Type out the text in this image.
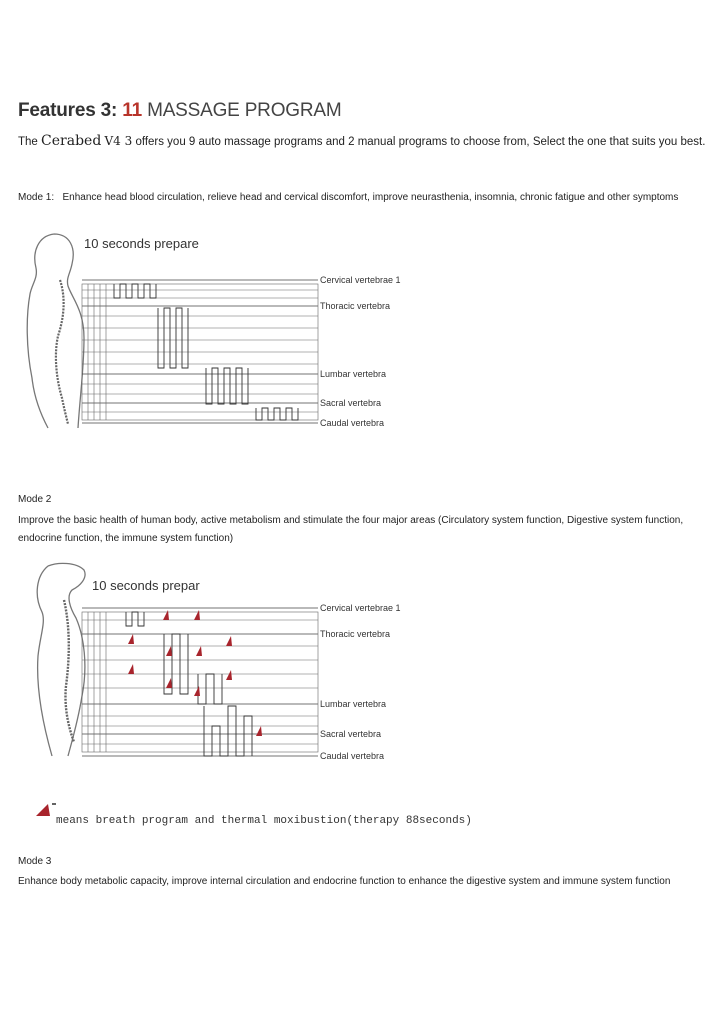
Features 3: 11 MASSAGE PROGRAM
The Cerabed V4 3 offers you 9 auto massage programs and 2 manual programs to choose from, Select the one that suits you best.
Mode 1: Enhance head blood circulation, relieve head and cervical discomfort, improve neurasthenia, insomnia, chronic fatigue and other symptoms
10 seconds prepare
Cervical vertebrae 1
Thoracic vertebra
Lumbar vertebra
Sacral vertebra
Caudal vertebra
Mode 2
Improve the basic health of human body, active metabolism and stimulate the four major areas (Circulatory system function, Digestive system function, endocrine function, the immune system function)
10 seconds prepar
Cervical vertebrae 1
Thoracic vertebra
Lumbar vertebra
Sacral vertebra
Caudal vertebra
means breath program and thermal moxibustion(therapy 88seconds)
Mode 3
Enhance body metabolic capacity, improve internal circulation and endocrine function to enhance the digestive system and immune system function
